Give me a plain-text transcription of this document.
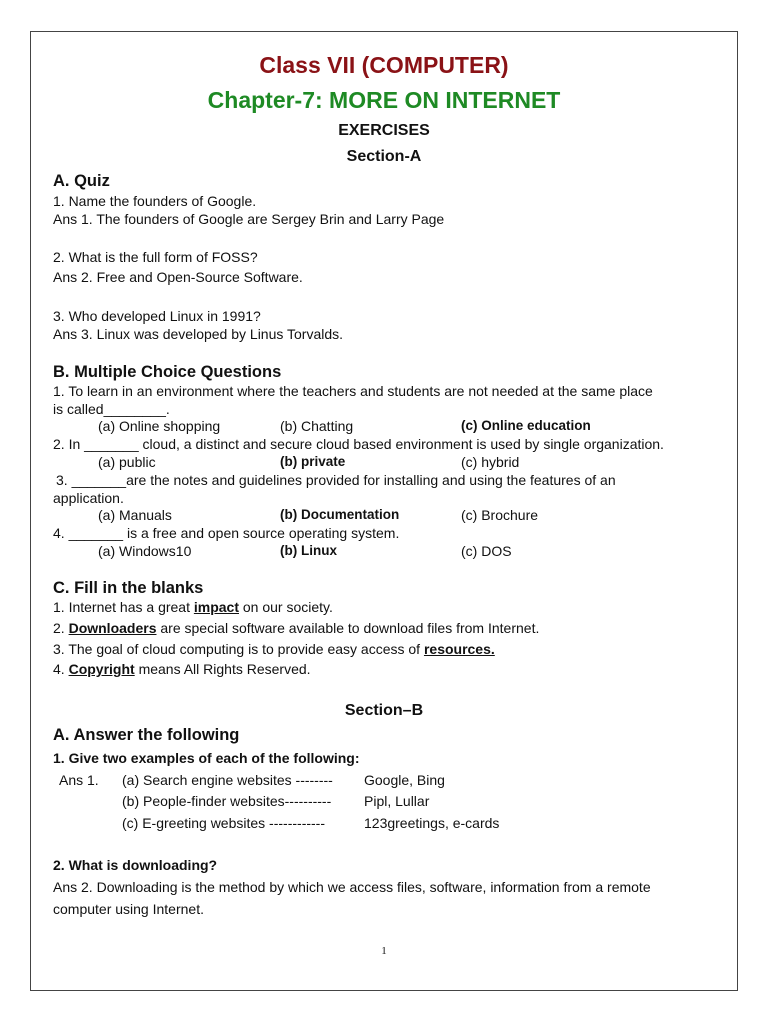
Class VII (COMPUTER)
Chapter-7: MORE ON INTERNET
EXERCISES
Section-A
A. Quiz
1. Name the founders of Google.
Ans 1. The founders of Google are Sergey Brin and Larry Page
2. What is the full form of FOSS?
Ans 2. Free and Open-Source Software.
3. Who developed Linux in 1991?
Ans 3. Linux was developed by Linus Torvalds.
B. Multiple Choice Questions
1. To learn in an environment where the teachers and students are not needed at the same place
is called________.
(a) Online shopping	(b) Chatting	(c) Online education
2. In _______ cloud, a distinct and secure cloud based environment is used by single organization.
(a) public	(b) private	(c) hybrid
3. _______are the notes and guidelines provided for installing and using the features of an
application.
(a) Manuals	(b) Documentation	(c) Brochure
4. _______ is a free and open source operating system.
(a) Windows10	(b) Linux	(c) DOS
C. Fill in the blanks
1. Internet has a great impact on our society.
2. Downloaders are special software available to download files from Internet.
3. The goal of cloud computing is to provide easy access of resources.
4. Copyright means All Rights Reserved.
Section–B
A. Answer the following
1. Give two examples of each of the following:
Ans 1. (a) Search engine websites -------- Google, Bing
(b) People-finder websites---------- Pipl, Lullar
(c) E-greeting websites ------------	123greetings, e-cards
2. What is downloading?
Ans 2. Downloading is the method by which we access files, software, information from a remote
computer using Internet.
1
